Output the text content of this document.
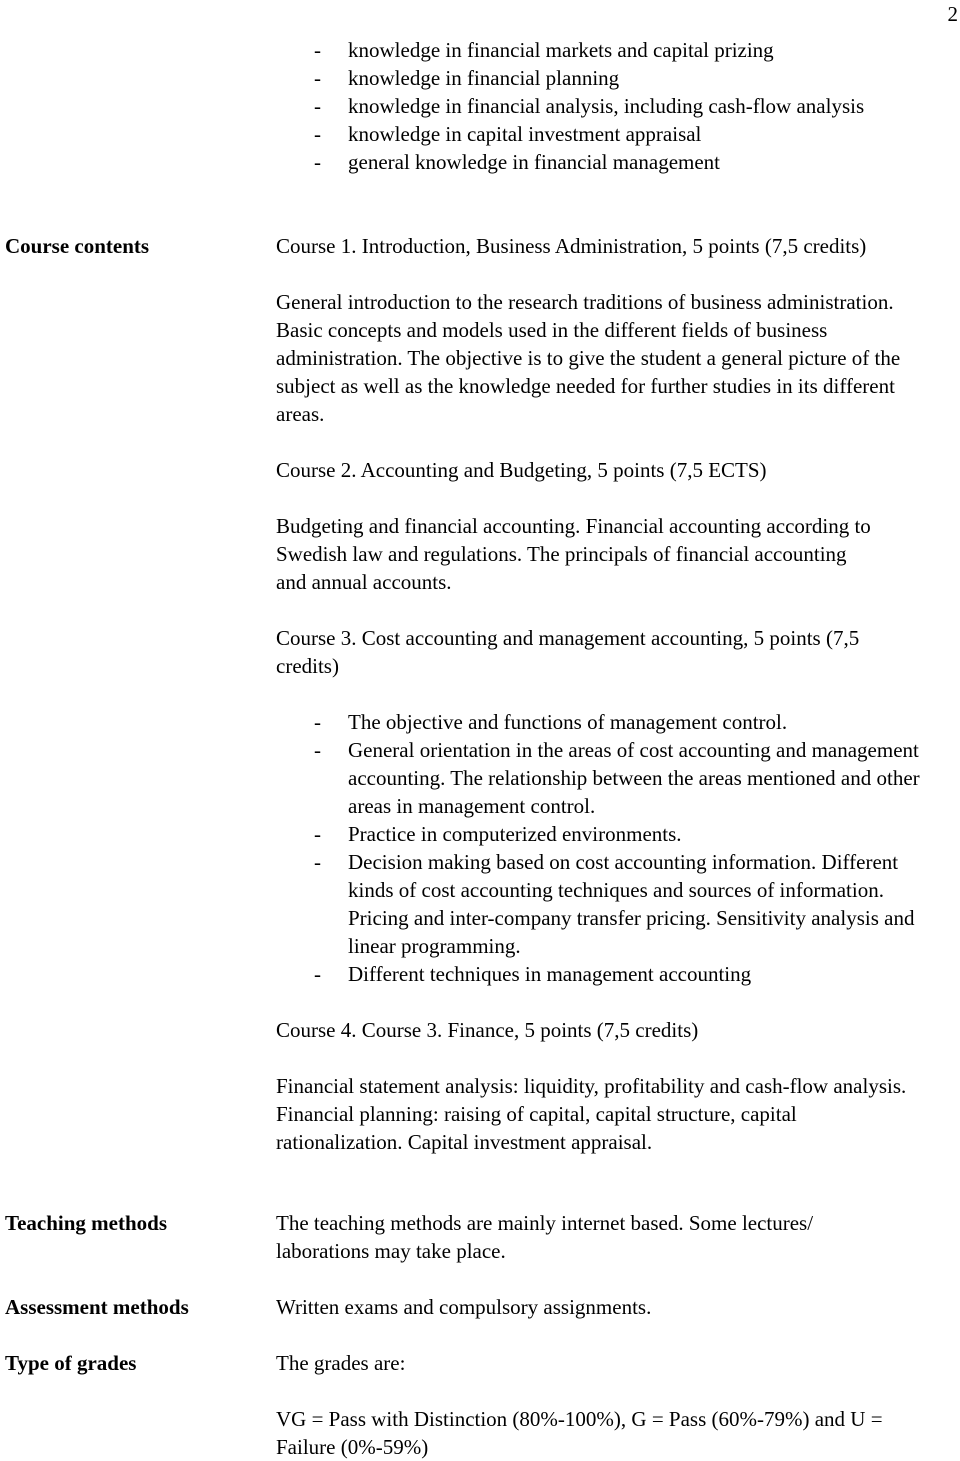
2
- knowledge in financial markets and capital prizing
- knowledge in financial planning
- knowledge in financial analysis, including cash-flow analysis
- knowledge in capital investment appraisal
- general knowledge in financial management
Course contents	Course 1. Introduction, Business Administration, 5 points (7,5 credits)

General introduction to the research traditions of business administration. Basic concepts and models used in the different fields of business administration. The objective is to give the student a general picture of the subject as well as the knowledge needed for further studies in its different areas.

Course 2. Accounting and Budgeting, 5 points (7,5 ECTS)

Budgeting and financial accounting. Financial accounting according to Swedish law and regulations. The principals of financial accounting and annual accounts.

Course 3. Cost accounting and management accounting, 5 points (7,5 credits)

- The objective and functions of management control.
- General orientation in the areas of cost accounting and management accounting. The relationship between the areas mentioned and other areas in management control.
- Practice in computerized environments.
- Decision making based on cost accounting information. Different kinds of cost accounting techniques and sources of information. Pricing and inter-company transfer pricing. Sensitivity analysis and linear programming.
- Different techniques in management accounting

Course 4. Course 3. Finance, 5 points (7,5 credits)

Financial statement analysis: liquidity, profitability and cash-flow analysis. Financial planning: raising of capital, capital structure, capital rationalization. Capital investment appraisal.

Teaching methods	The teaching methods are mainly internet based. Some lectures/ laborations may take place.

Assessment methods	Written exams and compulsory assignments.

Type of grades	The grades are:

VG = Pass with Distinction (80%-100%), G = Pass (60%-79%) and U = Failure (0%-59%)
